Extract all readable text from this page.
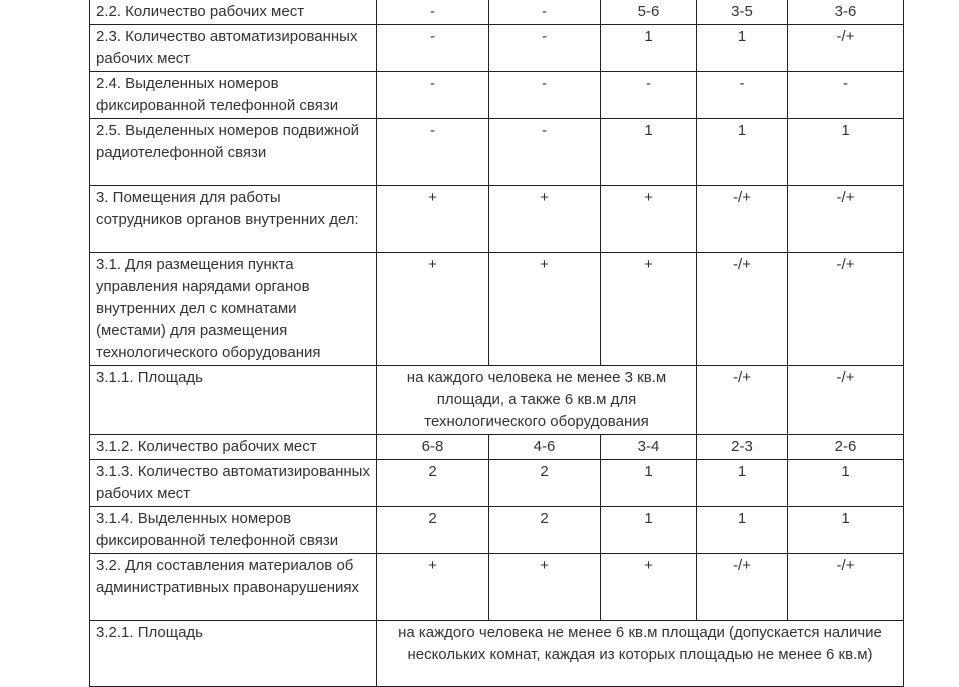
2.2. Количество рабочих мест	-	-	5-6	3-5	3-6
2.3. Количество автоматизированных рабочих мест	-	-	1	1	-/+
2.4. Выделенных номеров фиксированной телефонной связи	-	-	-	-	-
2.5. Выделенных номеров подвижной радиотелефонной связи	-	-	1	1	1
3. Помещения для работы сотрудников органов внутренних дел:	+	+	+	-/+	-/+
3.1. Для размещения пункта управления нарядами органов внутренних дел с комнатами (местами) для размещения технологического оборудования	+	+	+	-/+	-/+
3.1.1. Площадь	на каждого человека не менее 3 кв.м площади, а также 6 кв.м для технологического оборудования			-/+	-/+
3.1.2. Количество рабочих мест	6-8	4-6	3-4	2-3	2-6
3.1.3. Количество автоматизированных рабочих мест	2	2	1	1	1
3.1.4. Выделенных номеров фиксированной телефонной связи	2	2	1	1	1
3.2. Для составления материалов об административных правонарушениях	+	+	+	-/+	-/+
3.2.1. Площадь	на каждого человека не менее 6 кв.м площади (допускается наличие нескольких комнат, каждая из которых площадью не менее 6 кв.м)				
